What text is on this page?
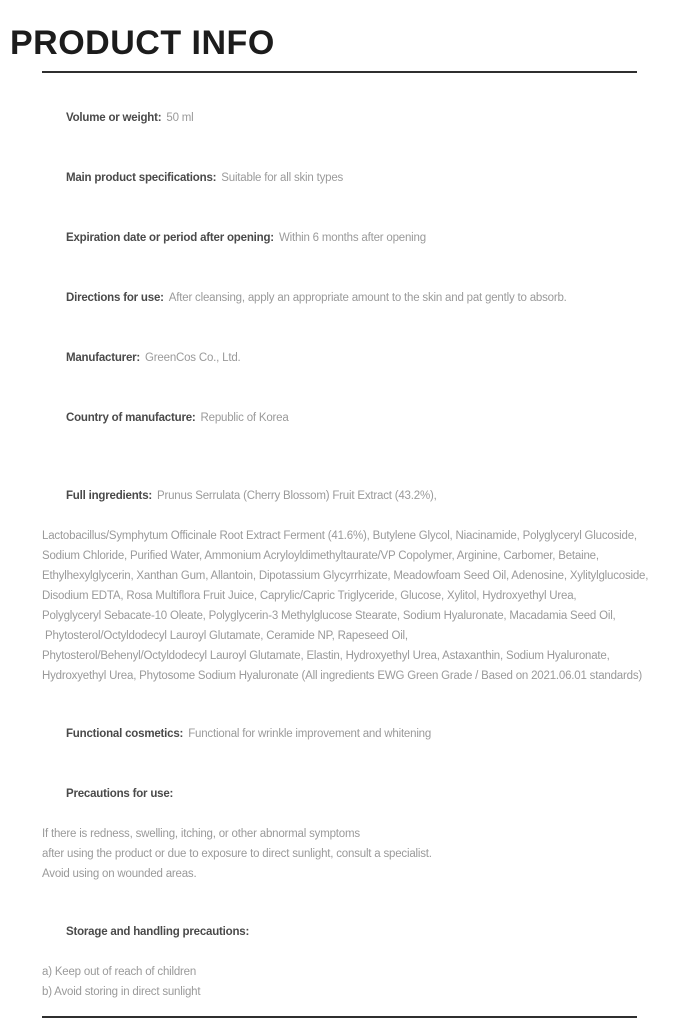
PRODUCT INFO

Volume or weight: 50 ml

Main product specifications: Suitable for all skin types

Expiration date or period after opening: Within 6 months after opening

Directions for use: After cleansing, apply an appropriate amount to the skin and pat gently to absorb.

Manufacturer: GreenCos Co., Ltd.

Country of manufacture: Republic of Korea

Full ingredients: Prunus Serrulata (Cherry Blossom) Fruit Extract (43.2%),

Lactobacillus/Symphytum Officinale Root Extract Ferment (41.6%), Butylene Glycol, Niacinamide, Polyglyceryl Glucoside,
Sodium Chloride, Purified Water, Ammonium Acryloyldimethyltaurate/VP Copolymer, Arginine, Carbomer, Betaine,
Ethylhexylglycerin, Xanthan Gum, Allantoin, Dipotassium Glycyrrhizate, Meadowfoam Seed Oil, Adenosine, Xylitylglucoside,
Disodium EDTA, Rosa Multiflora Fruit Juice, Caprylic/Capric Triglyceride, Glucose, Xylitol, Hydroxyethyl Urea,
Polyglyceryl Sebacate-10 Oleate, Polyglycerin-3 Methylglucose Stearate, Sodium Hyaluronate, Macadamia Seed Oil,
Phytosterol/Octyldodecyl Lauroyl Glutamate, Ceramide NP, Rapeseed Oil,
Phytosterol/Behenyl/Octyldodecyl Lauroyl Glutamate, Elastin, Hydroxyethyl Urea, Astaxanthin, Sodium Hyaluronate,
Hydroxyethyl Urea, Phytosome Sodium Hyaluronate (All ingredients EWG Green Grade / Based on 2021.06.01 standards)

Functional cosmetics: Functional for wrinkle improvement and whitening

Precautions for use:

If there is redness, swelling, itching, or other abnormal symptoms
after using the product or due to exposure to direct sunlight, consult a specialist.
Avoid using on wounded areas.

Storage and handling precautions:

a) Keep out of reach of children
b) Avoid storing in direct sunlight
